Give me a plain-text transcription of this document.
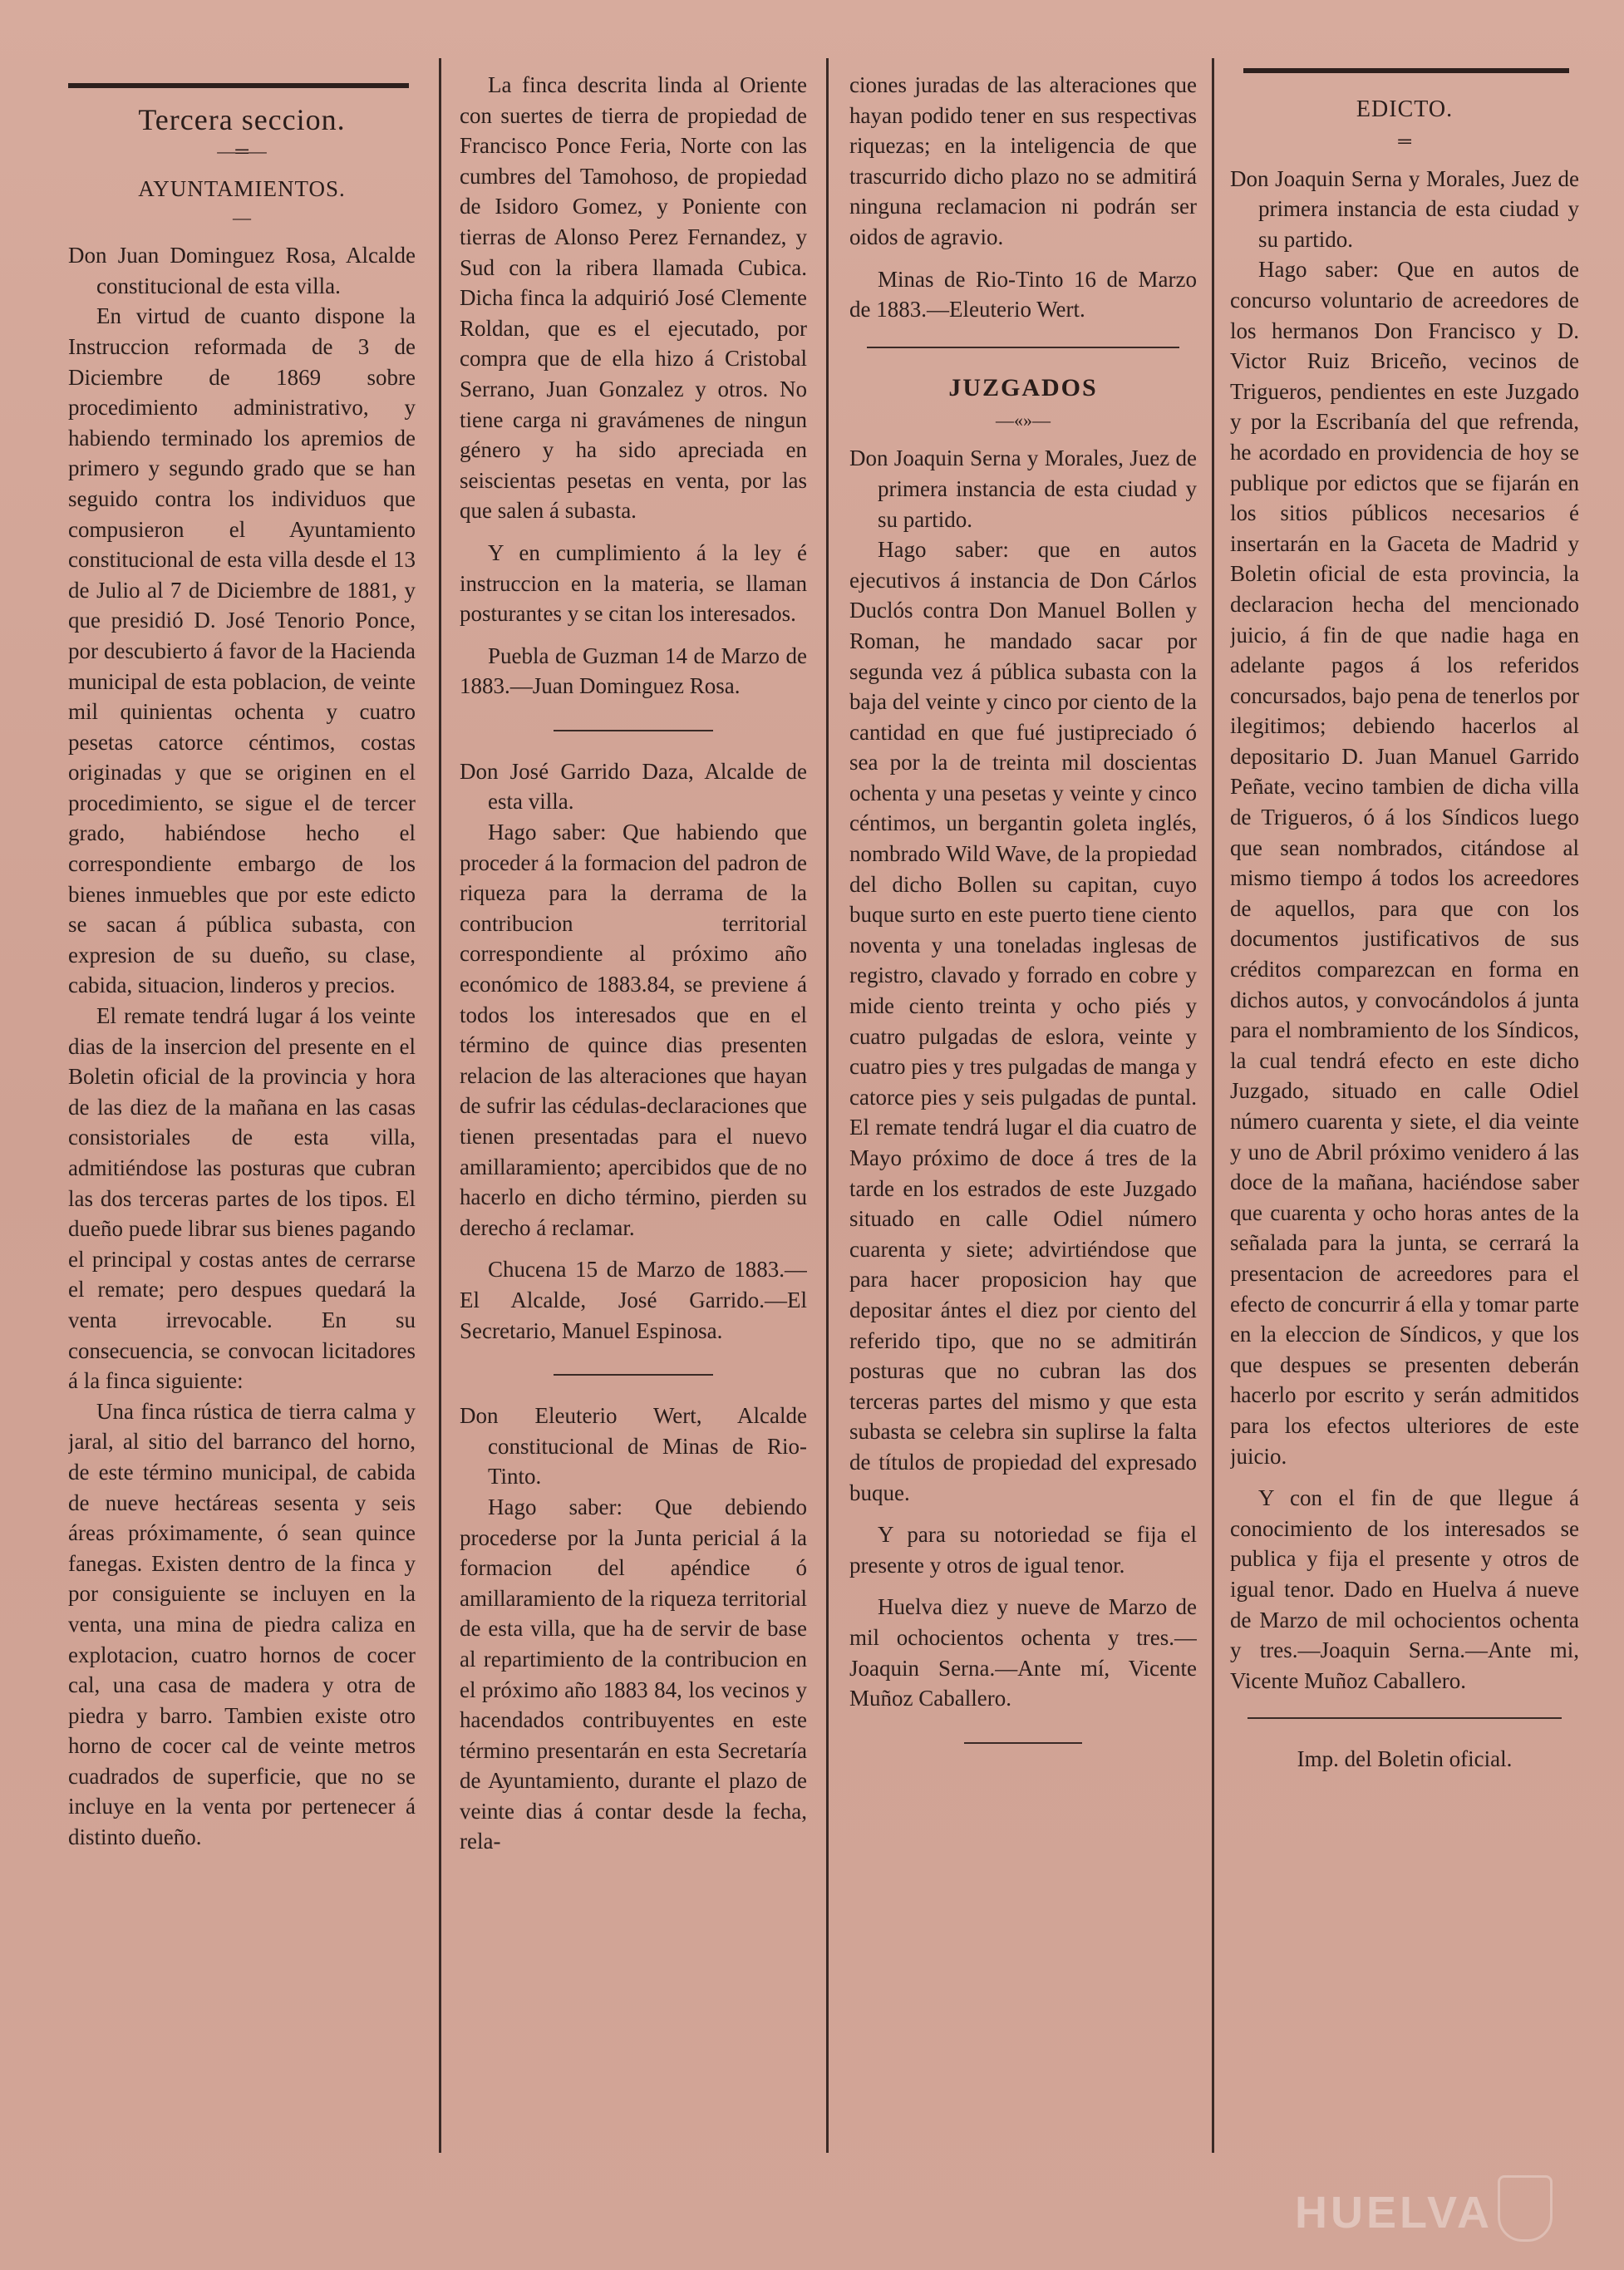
Tercera seccion.
—═—
AYUNTAMIENTOS.
—

Don Juan Dominguez Rosa, Alcalde constitucional de esta villa.

En virtud de cuanto dispone la Instruccion reformada de 3 de Diciembre de 1869 sobre procedimiento administrativo, y habiendo terminado los apremios de primero y segundo grado que se han seguido contra los individuos que compusieron el Ayuntamiento constitucional de esta villa desde el 13 de Julio al 7 de Diciembre de 1881, y que presidió D. José Tenorio Ponce, por descubierto á favor de la Hacienda municipal de esta poblacion, de veinte mil quinientas ochenta y cuatro pesetas catorce céntimos, costas originadas y que se originen en el procedimiento, se sigue el de tercer grado, habiéndose hecho el correspondiente embargo de los bienes inmuebles que por este edicto se sacan á pública subasta, con expresion de su dueño, su clase, cabida, situacion, linderos y precios.

El remate tendrá lugar á los veinte dias de la insercion del presente en el Boletin oficial de la provincia y hora de las diez de la mañana en las casas consistoriales de esta villa, admitiéndose las posturas que cubran las dos terceras partes de los tipos. El dueño puede librar sus bienes pagando el principal y costas antes de cerrarse el remate; pero despues quedará la venta irrevocable. En su consecuencia, se convocan licitadores á la finca siguiente:

Una finca rústica de tierra calma y jaral, al sitio del barranco del horno, de este término municipal, de cabida de nueve hectáreas sesenta y seis áreas próximamente, ó sean quince fanegas. Existen dentro de la finca y por consiguiente se incluyen en la venta, una mina de piedra caliza en explotacion, cuatro hornos de cocer cal, una casa de madera y otra de piedra y barro. Tambien existe otro horno de cocer cal de veinte metros cuadrados de superficie, que no se incluye en la venta por pertenecer á distinto dueño.

La finca descrita linda al Oriente con suertes de tierra de propiedad de Francisco Ponce Feria, Norte con las cumbres del Tamohoso, de propiedad de Isidoro Gomez, y Poniente con tierras de Alonso Perez Fernandez, y Sud con la ribera llamada Cubica. Dicha finca la adquirió José Clemente Roldan, que es el ejecutado, por compra que de ella hizo á Cristobal Serrano, Juan Gonzalez y otros. No tiene carga ni gravámenes de ningun género y ha sido apreciada en seiscientas pesetas en venta, por las que salen á subasta.

Y en cumplimiento á la ley é instruccion en la materia, se llaman posturantes y se citan los interesados.

Puebla de Guzman 14 de Marzo de 1883.—Juan Dominguez Rosa.

Don José Garrido Daza, Alcalde de esta villa.

Hago saber: Que habiendo que proceder á la formacion del padron de riqueza para la derrama de la contribucion territorial correspondiente al próximo año económico de 1883.84, se previene á todos los interesados que en el término de quince dias presenten relacion de las alteraciones que hayan de sufrir las cédulas-declaraciones que tienen presentadas para el nuevo amillaramiento; apercibidos que de no hacerlo en dicho término, pierden su derecho á reclamar.

Chucena 15 de Marzo de 1883.—El Alcalde, José Garrido.—El Secretario, Manuel Espinosa.

Don Eleuterio Wert, Alcalde constitucional de Minas de Rio-Tinto.

Hago saber: Que debiendo procederse por la Junta pericial á la formacion del apéndice ó amillaramiento de la riqueza territorial de esta villa, que ha de servir de base al repartimiento de la contribucion en el próximo año 1883 84, los vecinos y hacendados contribuyentes en este término presentarán en esta Secretaría de Ayuntamiento, durante el plazo de veinte dias á contar desde la fecha, rela-

ciones juradas de las alteraciones que hayan podido tener en sus respectivas riquezas; en la inteligencia de que trascurrido dicho plazo no se admitirá ninguna reclamacion ni podrán ser oidos de agravio.

Minas de Rio-Tinto 16 de Marzo de 1883.—Eleuterio Wert.

JUZGADOS
—«»—

Don Joaquin Serna y Morales, Juez de primera instancia de esta ciudad y su partido.

Hago saber: que en autos ejecutivos á instancia de Don Cárlos Duclós contra Don Manuel Bollen y Roman, he mandado sacar por segunda vez á pública subasta con la baja del veinte y cinco por ciento de la cantidad en que fué justipreciado ó sea por la de treinta mil doscientas ochenta y una pesetas y veinte y cinco céntimos, un bergantin goleta inglés, nombrado Wild Wave, de la propiedad del dicho Bollen su capitan, cuyo buque surto en este puerto tiene ciento noventa y una toneladas inglesas de registro, clavado y forrado en cobre y mide ciento treinta y ocho piés y cuatro pulgadas de eslora, veinte y cuatro pies y tres pulgadas de manga y catorce pies y seis pulgadas de puntal. El remate tendrá lugar el dia cuatro de Mayo próximo de doce á tres de la tarde en los estrados de este Juzgado situado en calle Odiel número cuarenta y siete; advirtiéndose que para hacer proposicion hay que depositar ántes el diez por ciento del referido tipo, que no se admitirán posturas que no cubran las dos terceras partes del mismo y que esta subasta se celebra sin suplirse la falta de títulos de propiedad del expresado buque.

Y para su notoriedad se fija el presente y otros de igual tenor.

Huelva diez y nueve de Marzo de mil ochocientos ochenta y tres.—Joaquin Serna.—Ante mí, Vicente Muñoz Caballero.

EDICTO.
═

Don Joaquin Serna y Morales, Juez de primera instancia de esta ciudad y su partido.

Hago saber: Que en autos de concurso voluntario de acreedores de los hermanos Don Francisco y D. Victor Ruiz Briceño, vecinos de Trigueros, pendientes en este Juzgado y por la Escribanía del que refrenda, he acordado en providencia de hoy se publique por edictos que se fijarán en los sitios públicos necesarios é insertarán en la Gaceta de Madrid y Boletin oficial de esta provincia, la declaracion hecha del mencionado juicio, á fin de que nadie haga en adelante pagos á los referidos concursados, bajo pena de tenerlos por ilegitimos; debiendo hacerlos al depositario D. Juan Manuel Garrido Peñate, vecino tambien de dicha villa de Trigueros, ó á los Síndicos luego que sean nombrados, citándose al mismo tiempo á todos los acreedores de aquellos, para que con los documentos justificativos de sus créditos comparezcan en forma en dichos autos, y convocándolos á junta para el nombramiento de los Síndicos, la cual tendrá efecto en este dicho Juzgado, situado en calle Odiel número cuarenta y siete, el dia veinte y uno de Abril próximo venidero á las doce de la mañana, haciéndose saber que cuarenta y ocho horas antes de la señalada para la junta, se cerrará la presentacion de acreedores para el efecto de concurrir á ella y tomar parte en la eleccion de Síndicos, y que los que despues se presenten deberán hacerlo por escrito y serán admitidos para los efectos ulteriores de este juicio.

Y con el fin de que llegue á conocimiento de los interesados se publica y fija el presente y otros de igual tenor. Dado en Huelva á nueve de Marzo de mil ochocientos ochenta y tres.—Joaquin Serna.—Ante mi, Vicente Muñoz Caballero.

Imp. del Boletin oficial.
HUELVA
